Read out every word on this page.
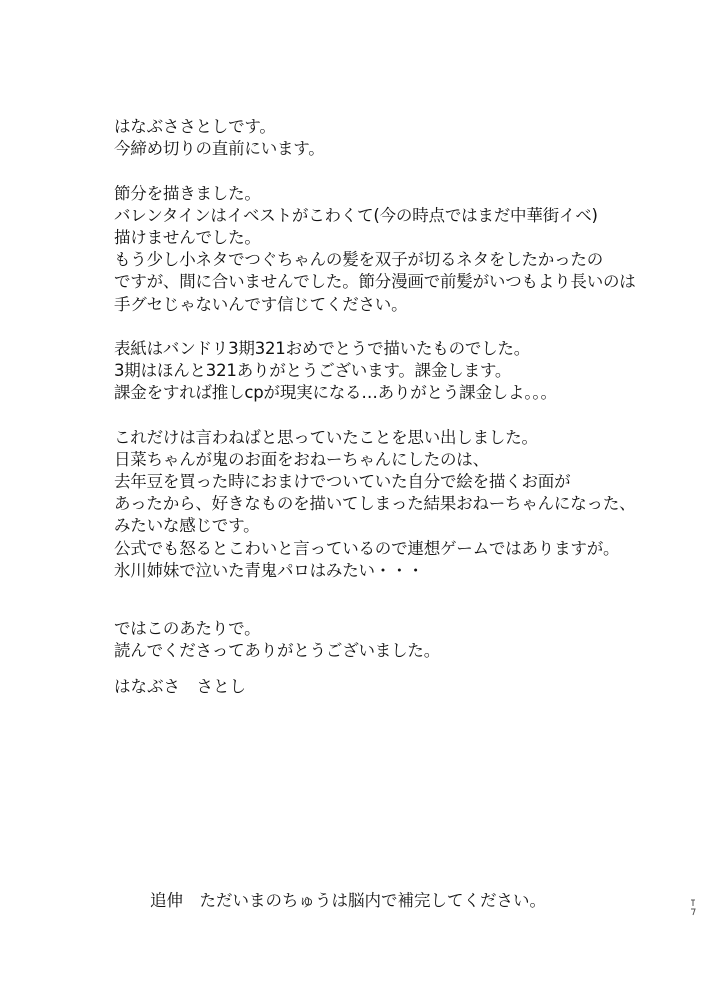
はなぶささとしです。
今締め切りの直前にいます。
節分を描きました。
バレンタインはイベストがこわくて(今の時点ではまだ中華街イベ)
描けませんでした。
もう少し小ネタでつぐちゃんの髪を双子が切るネタをしたかったの
ですが、間に合いませんでした。節分漫画で前髪がいつもより長いのは
手グセじゃないんです信じてください。
表紙はバンドリ3期321おめでとうで描いたものでした。
3期はほんと321ありがとうございます。課金します。
課金をすれば推しcpが現実になる…ありがとう課金しよ。。。
これだけは言わねばと思っていたことを思い出しました。
日菜ちゃんが鬼のお面をおねーちゃんにしたのは、
去年豆を買った時におまけでついていた自分で絵を描くお面が
あったから、好きなものを描いてしまった結果おねーちゃんになった、
みたいな感じです。
公式でも怒るとこわいと言っているので連想ゲームではありますが。
氷川姉妹で泣いた青鬼パロはみたい・・・
ではこのあたりで。
読んでくださってありがとうございました。
はなぶさ　さとし
追伸　ただいまのちゅうは脳内で補完してください。
